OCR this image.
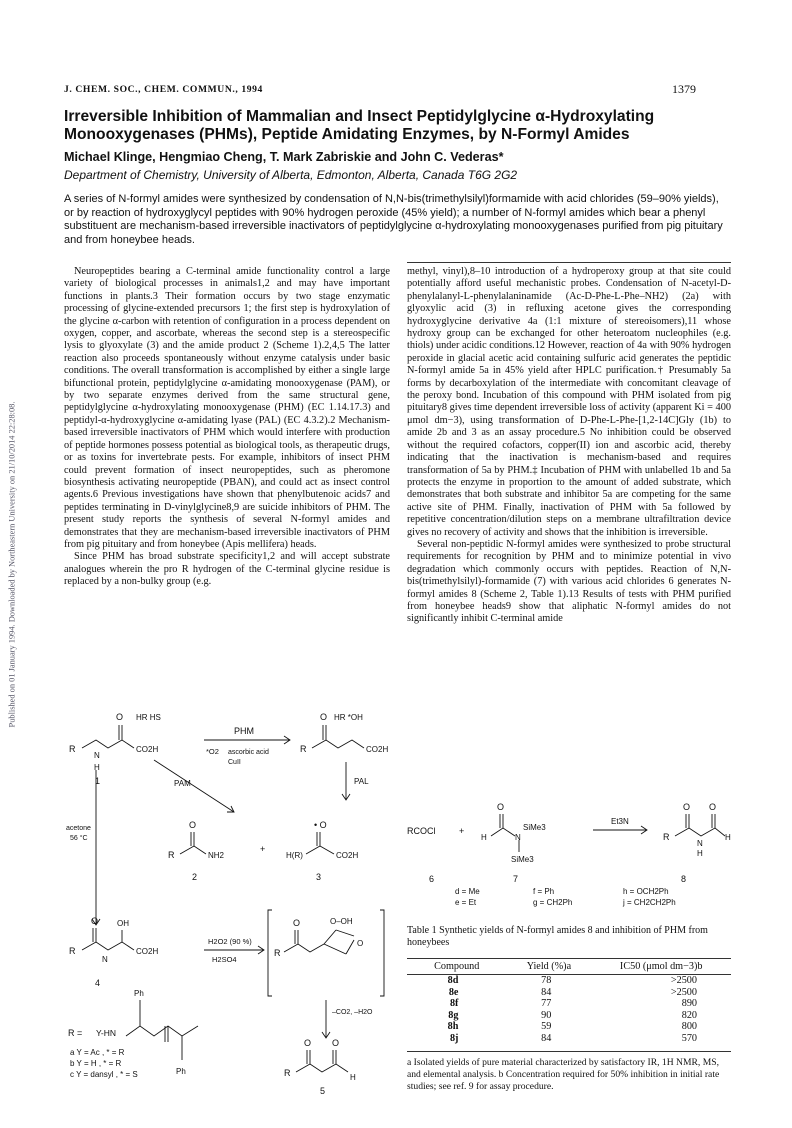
Published on 01 January 1994. Downloaded by Northeastern University on 21/10/2014 22:28:08.
J. CHEM. SOC., CHEM. COMMUN., 1994	1379
Irreversible Inhibition of Mammalian and Insect Peptidylglycine α-Hydroxylating Monooxygenases (PHMs), Peptide Amidating Enzymes, by N-Formyl Amides
Michael Klinge, Hengmiao Cheng, T. Mark Zabriskie and John C. Vederas*
Department of Chemistry, University of Alberta, Edmonton, Alberta, Canada T6G 2G2
A series of N-formyl amides were synthesized by condensation of N,N-bis(trimethylsilyl)formamide with acid chlorides (59–90% yields), or by reaction of hydroxyglycyl peptides with 90% hydrogen peroxide (45% yield); a number of N-formyl amides which bear a phenyl substituent are mechanism-based irreversible inactivators of peptidylglycine α-hydroxylating monooxygenases purified from pig pituitary and from honeybee heads.

Neuropeptides bearing a C-terminal amide functionality control a large variety of biological processes in animals1,2 and may have important functions in plants.3 Their formation occurs by two stage enzymatic processing of glycine-extended precursors 1; the first step is hydroxylation of the glycine α-carbon with retention of configuration in a process dependent on oxygen, copper, and ascorbate, whereas the second step is a stereospecific lysis to glyoxylate (3) and the amide product 2 (Scheme 1).2,4,5 The latter reaction also proceeds spontaneously without enzyme catalysis under basic conditions. The overall transformation is accomplished by either a single large bifunctional protein, peptidylglycine α-amidating monooxygenase (PAM), or by two separate enzymes derived from the same structural gene, peptidylglycine α-hydroxylating monooxygenase (PHM) (EC 1.14.17.3) and peptidyl-α-hydroxyglycine α-amidating lyase (PAL) (EC 4.3.2).2 Mechanism-based irreversible inactivators of PHM which would interfere with production of peptide hormones possess potential as biological tools, as therapeutic drugs, or as toxins for invertebrate pests. For example, inhibitors of insect PHM could prevent formation of insect neuropeptides, such as pheromone biosynthesis activating neuropeptide (PBAN), and could act as insect control agents.6 Previous investigations have shown that phenylbutenoic acids7 and peptides terminating in D-vinylglycine8,9 are suicide inhibitors of PHM. The present study reports the synthesis of several N-formyl amides and demonstrates that they are mechanism-based irreversible inactivators of PHM from pig pituitary and from honeybee (Apis mellifera) heads.

Since PHM has broad substrate specificity1,2 and will accept substrate analogues wherein the pro R hydrogen of the C-terminal glycine residue is replaced by a non-bulky group (e.g.

methyl, vinyl),8–10 introduction of a hydroperoxy group at that site could potentially afford useful mechanistic probes. Condensation of N-acetyl-D-phenylalanyl-L-phenylalaninamide (Ac-D-Phe-L-Phe–NH2) (2a) with glyoxylic acid (3) in refluxing acetone gives the corresponding hydroxyglycine derivative 4a (1:1 mixture of stereoisomers),11 whose hydroxy group can be exchanged for other heteroatom nucleophiles (e.g. thiols) under acidic conditions.12 However, reaction of 4a with 90% hydrogen peroxide in glacial acetic acid containing sulfuric acid generates the peptidic N-formyl amide 5a in 45% yield after HPLC purification.† Presumably 5a forms by decarboxylation of the intermediate with concomitant cleavage of the peroxy bond. Incubation of this compound with PHM isolated from pig pituitary8 gives time dependent irreversible loss of activity (apparent Ki = 400 μmol dm−3), using transformation of D-Phe-L-Phe-[1,2-14C]Gly (1b) to amide 2b and 3 as an assay procedure.5 No inhibition could be observed without the required cofactors, copper(II) ion and ascorbic acid, thereby indicating that the inactivation is mechanism-based and requires transformation of 5a by PHM.‡ Incubation of PHM with unlabelled 1b and 5a protects the enzyme in proportion to the amount of added substrate, which demonstrates that both substrate and inhibitor 5a are competing for the same active site of PHM. Finally, inactivation of PHM with 5a followed by repetitive concentration/dilution steps on a membrane ultrafiltration device gives no recovery of activity and shows that the inhibition is irreversible.

Several non-peptidic N-formyl amides were synthesized to probe structural requirements for recognition by PHM and to minimize potential in vivo degradation which commonly occurs with peptides. Reaction of N,N-bis(trimethylsilyl)-formamide (7) with various acid chlorides 6 generates N-formyl amides 8 (Scheme 2, Table 1).13 Results of tests with PHM purified from honeybee heads9 show that aliphatic N-formyl amides do not significantly inhibit C-terminal amide

R
O HR HS
CO2H
N
H
1
PHM
*O2 ascorbic acid
CuII
R
O HR *OH
CO2H
PAL
PAM
R	NH2
O
2
+
H(R)
• O
CO2H
3
acetone
56 °C
R
O OH
CO2H
N
4
H2O2 (90 %)
H2SO4
R
O	O–OH
O
–CO2, –H2O
R
O O
H
5
R = Y-HN
Ph
Ph
a Y = Ac , * = R
b Y = H , * = R
c Y = dansyl , * = S
RCOCl	+
H
O
N
SiMe3
SiMe3
Et3N
R
O O
N
H
H
6	7	8
d = Me
e = Et
f = Ph
g = CH2Ph
h = OCH2Ph
j = CH2CH2Ph
Table 1 Synthetic yields of N-formyl amides 8 and inhibition of PHM from honeybees
Compound	Yield (%)a	IC50 (μmol dm−3)b
8d	78	>2500
8e	84	>2500
8f	77	890
8g	90	820
8h	59	800
8j	84	570
a Isolated yields of pure material characterized by satisfactory IR, 1H NMR, MS, and elemental analysis. b Concentration required for 50% inhibition in initial rate studies; see ref. 9 for assay procedure.
